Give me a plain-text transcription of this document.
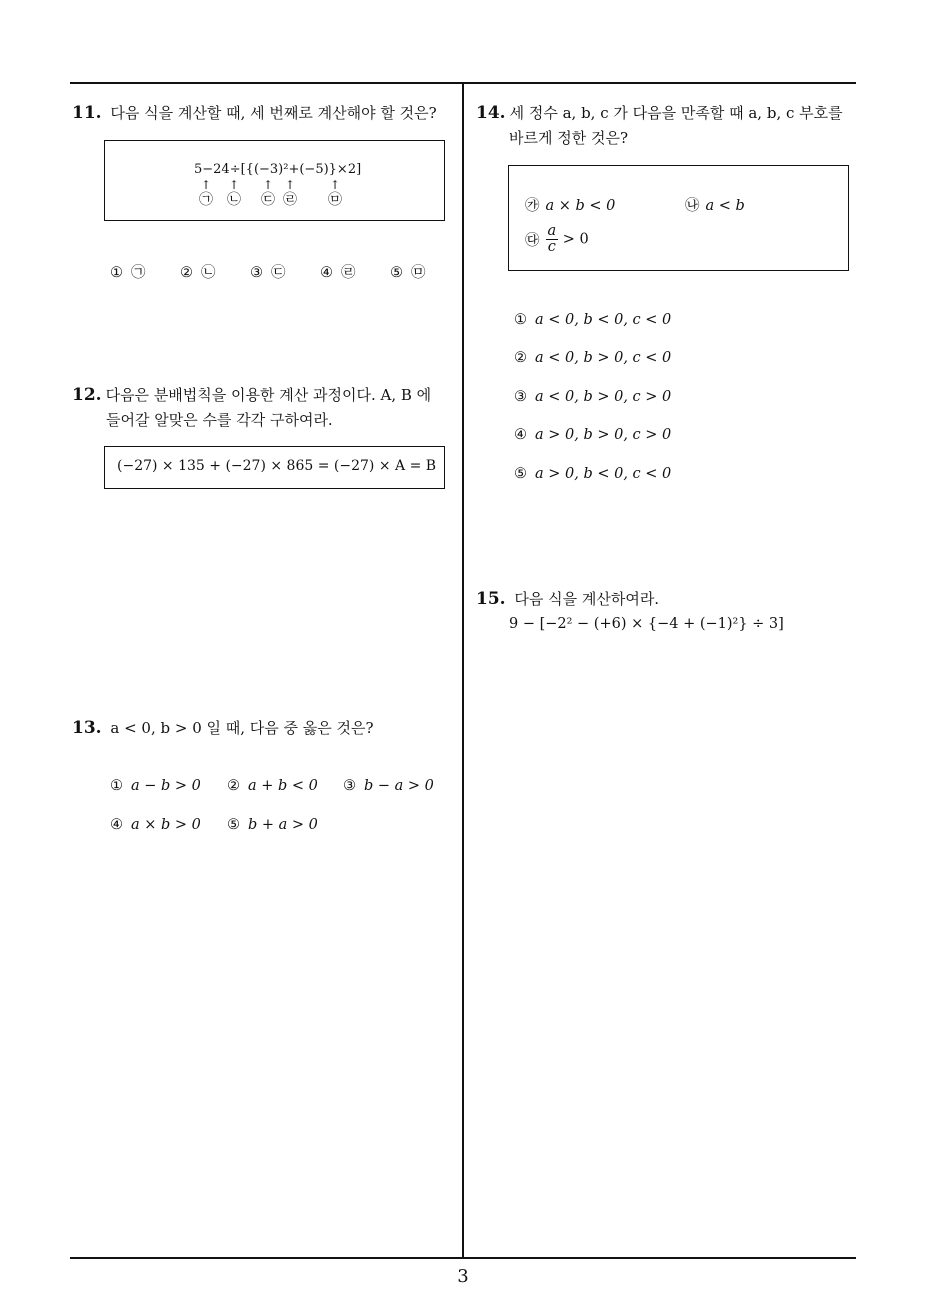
11. 다음 식을 계산할 때, 세 번째로 계산해야 할 것은?
5−24÷[{(−3)²+(−5)}×2]
↑ ↑ ↑ ↑	↑
㉠ ㉡ ㉢ ㉣ ㉤
① ㉠ ② ㉡ ③ ㉢ ④ ㉣ ⑤ ㉤
12. 다음은 분배법칙을 이용한 계산 과정이다. A, B 에
들어갈 알맞은 수를 각각 구하여라.
(−27) × 135 + (−27) × 865 = (−27) × A = B
13. a < 0, b > 0 일 때, 다음 중 옳은 것은?
① a − b > 0 ② a + b < 0 ③ b − a > 0
④ a × b > 0 ⑤ b + a > 0
14. 세 정수 a, b, c 가 다음을 만족할 때 a, b, c 부호를
바르게 정한 것은?
㉮ a × b < 0	㉯ a < b
㉰ $\frac{a}{c} > 0$
① a < 0, b < 0, c < 0
② a < 0, b > 0, c < 0
③ a < 0, b > 0, c > 0
④ a > 0, b > 0, c > 0
⑤ a > 0, b < 0, c < 0
15. 다음 식을 계산하여라.
9 − [−2² − (+6) × {−4 + (−1)²} ÷ 3]
3
